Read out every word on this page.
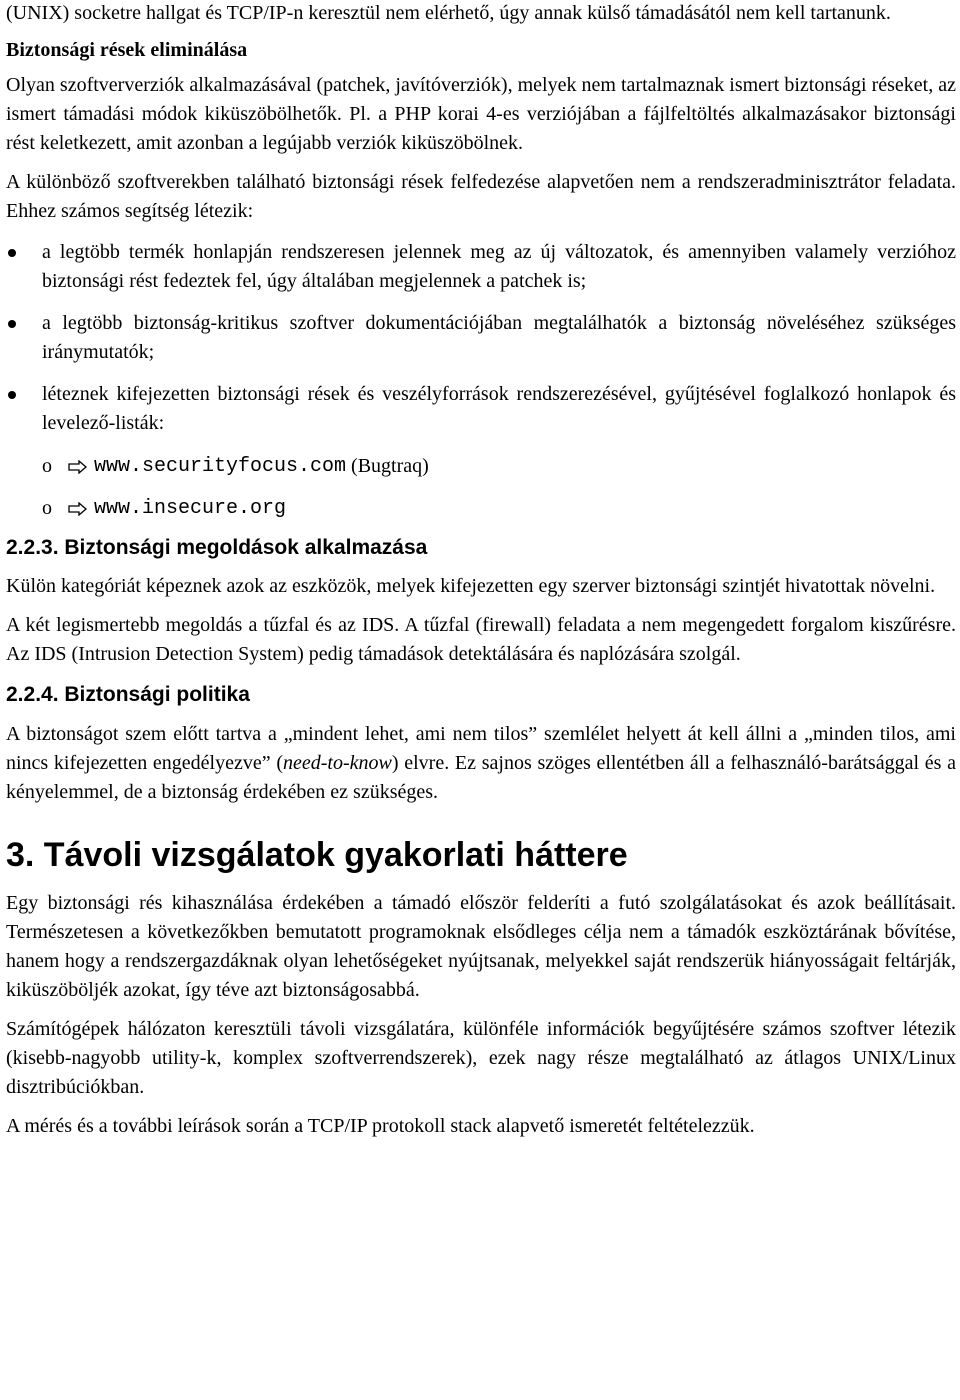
(UNIX) socketre hallgat és TCP/IP-n keresztül nem elérhető, úgy annak külső támadásától nem kell tartanunk.

Biztonsági rések eliminálása

Olyan szoftververziók alkalmazásával (patchek, javítóverziók), melyek nem tartalmaznak ismert biztonsági réseket, az ismert támadási módok kiküszöbölhetők. Pl. a PHP korai 4-es verziójában a fájlfeltöltés alkalmazásakor biztonsági rést keletkezett, amit azonban a legújabb verziók kiküszöbölnek.

A különböző szoftverekben található biztonsági rések felfedezése alapvetően nem a rendszeradminisztrátor feladata. Ehhez számos segítség létezik:

a legtöbb termék honlapján rendszeresen jelennek meg az új változatok, és amennyiben valamely verzióhoz biztonsági rést fedeztek fel, úgy általában megjelennek a patchek is;
a legtöbb biztonság-kritikus szoftver dokumentációjában megtalálhatók a biztonság növeléséhez szükséges iránymutatók;
léteznek kifejezetten biztonsági rések és veszélyforrások rendszerezésével, gyűjtésével foglalkozó honlapok és levelező-listák:
o	www.securityfocus.com
(Bugtraq)
o	www.insecure.org
2.2.3. Biztonsági megoldások alkalmazása

Külön kategóriát képeznek azok az eszközök, melyek kifejezetten egy szerver biztonsági szintjét hivatottak növelni.

A két legismertebb megoldás a tűzfal és az IDS. A tűzfal (firewall) feladata a nem megengedett forgalom kiszűrésre. Az IDS (Intrusion Detection System) pedig támadások detektálására és naplózására szolgál.

2.2.4. Biztonsági politika

A biztonságot szem előtt tartva a „mindent lehet, ami nem tilos” szemlélet helyett át kell állni a „minden tilos, ami nincs kifejezetten engedélyezve” (need-to-know) elvre. Ez sajnos szöges ellentétben áll a felhasználó-barátsággal és a kényelemmel, de a biztonság érdekében ez szükséges.

3. Távoli vizsgálatok gyakorlati háttere

Egy biztonsági rés kihasználása érdekében a támadó először felderíti a futó szolgálatásokat és azok beállításait. Természetesen a következőkben bemutatott programoknak elsődleges célja nem a támadók eszköztárának bővítése, hanem hogy a rendszergazdáknak olyan lehetőségeket nyújtsanak, melyekkel saját rendszerük hiányosságait feltárják, kiküszöböljék azokat, így téve azt biztonságosabbá.

Számítógépek hálózaton keresztüli távoli vizsgálatára, különféle információk begyűjtésére számos szoftver létezik (kisebb-nagyobb utility-k, komplex szoftverrendszerek), ezek nagy része megtalálható az átlagos UNIX/Linux disztribúciókban.

A mérés és a további leírások során a TCP/IP protokoll stack alapvető ismeretét feltételezzük.
